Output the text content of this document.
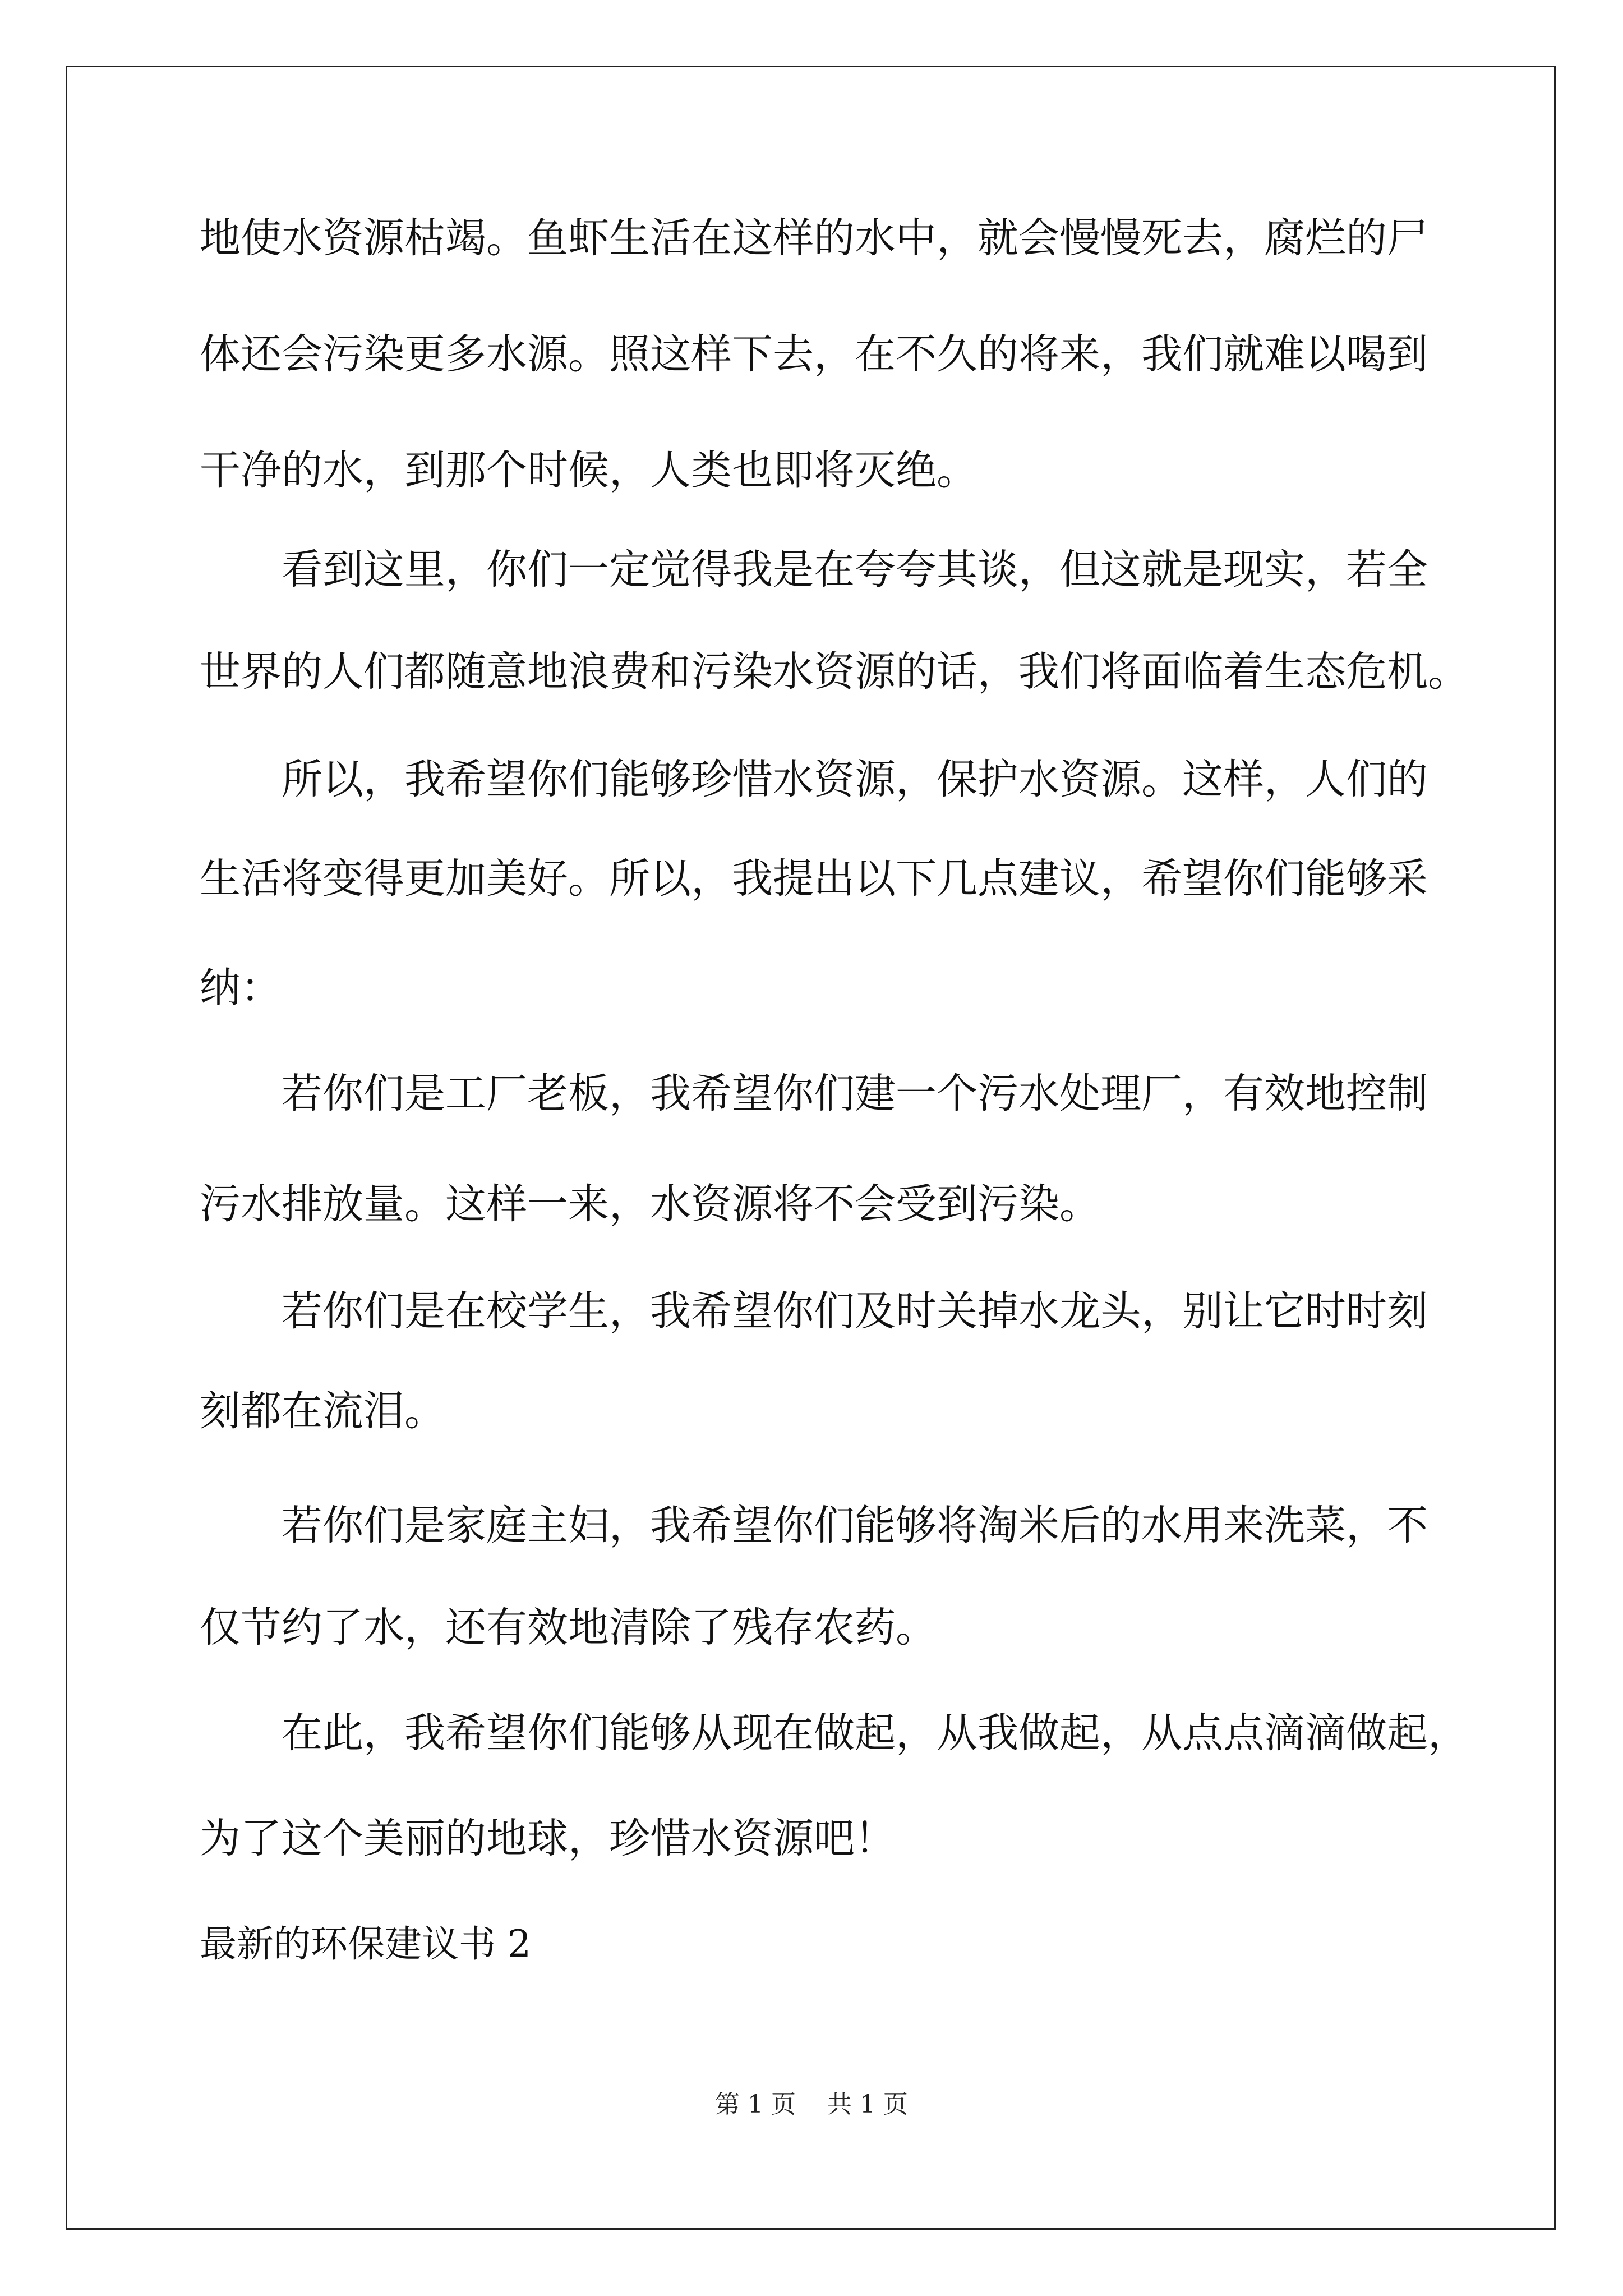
地使水资源枯竭。鱼虾生活在这样的水中，就会慢慢死去，腐烂的尸

体还会污染更多水源。照这样下去，在不久的将来，我们就难以喝到

干净的水，到那个时候，人类也即将灭绝。

看到这里，你们一定觉得我是在夸夸其谈，但这就是现实，若全

世界的人们都随意地浪费和污染水资源的话，我们将面临着生态危机。

所以，我希望你们能够珍惜水资源，保护水资源。这样，人们的

生活将变得更加美好。所以，我提出以下几点建议，希望你们能够采

纳：

若你们是工厂老板，我希望你们建一个污水处理厂，有效地控制

污水排放量。这样一来，水资源将不会受到污染。

若你们是在校学生，我希望你们及时关掉水龙头，别让它时时刻

刻都在流泪。

若你们是家庭主妇，我希望你们能够将淘米后的水用来洗菜，不

仅节约了水，还有效地清除了残存农药。

在此，我希望你们能够从现在做起，从我做起，从点点滴滴做起，

为了这个美丽的地球，珍惜水资源吧！

最新的环保建议书 2

第 1 页    共 1 页
